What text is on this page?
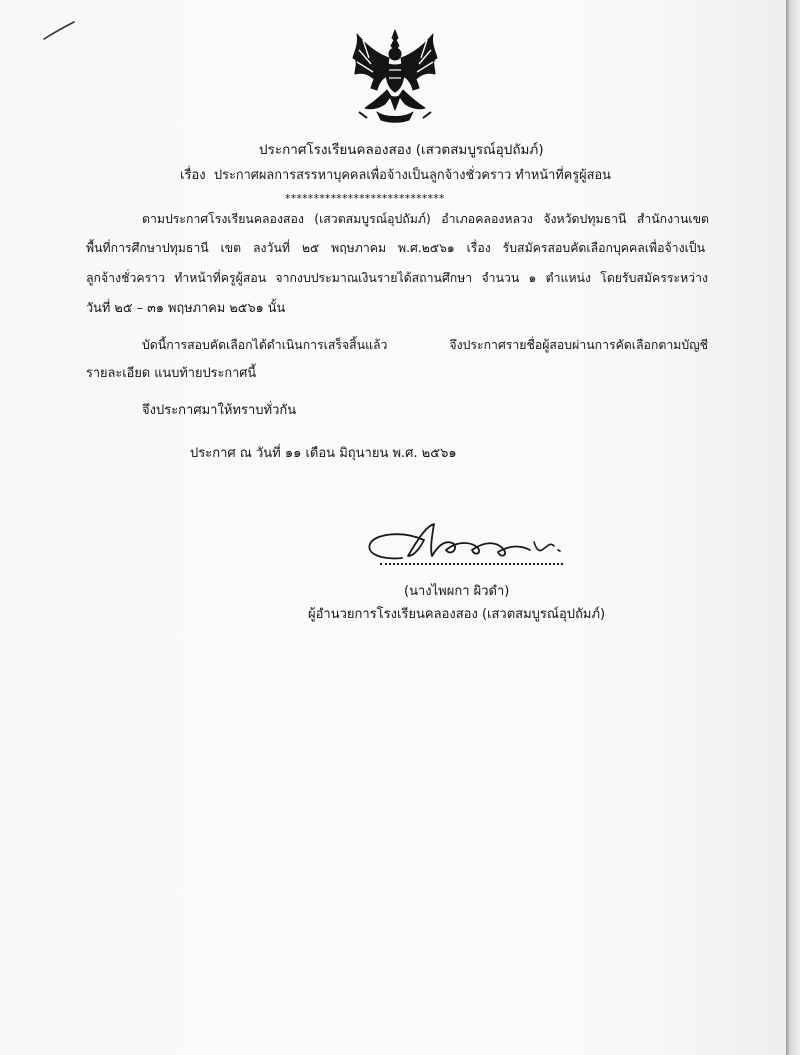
ประกาศโรงเรียนคลองสอง (เสวตสมบูรณ์อุปถัมภ์)
เรื่อง ประกาศผลการสรรหาบุคคลเพื่อจ้างเป็นลูกจ้างชั่วคราว ทำหน้าที่ครูผู้สอน
****************************
ตามประกาศโรงเรียนคลองสอง (เสวตสมบูรณ์อุปถัมภ์) อำเภอคลองหลวง จังหวัดปทุมธานี สำนักงานเขต
พื้นที่การศึกษาปทุมธานี เขต ลงวันที่ ๒๕ พฤษภาคม พ.ศ.๒๕๖๑ เรื่อง รับสมัครสอบคัดเลือกบุคคลเพื่อจ้างเป็น
ลูกจ้างชั่วคราว ทำหน้าที่ครูผู้สอน จากงบประมาณเงินรายได้สถานศึกษา จำนวน ๑ ตำแหน่ง โดยรับสมัครระหว่าง
วันที่ ๒๕ – ๓๑ พฤษภาคม ๒๕๖๑ นั้น
บัดนี้การสอบคัดเลือกได้ดำเนินการเสร็จสิ้นแล้ว จึงประกาศรายชื่อผู้สอบผ่านการคัดเลือกตามบัญชี
รายละเอียด แนบท้ายประกาศนี้
จึงประกาศมาให้ทราบทั่วกัน
ประกาศ ณ วันที่ ๑๑ เดือน มิถุนายน พ.ศ. ๒๕๖๑
(นางไพผกา ผิวดำ)
ผู้อำนวยการโรงเรียนคลองสอง (เสวตสมบูรณ์อุปถัมภ์)
